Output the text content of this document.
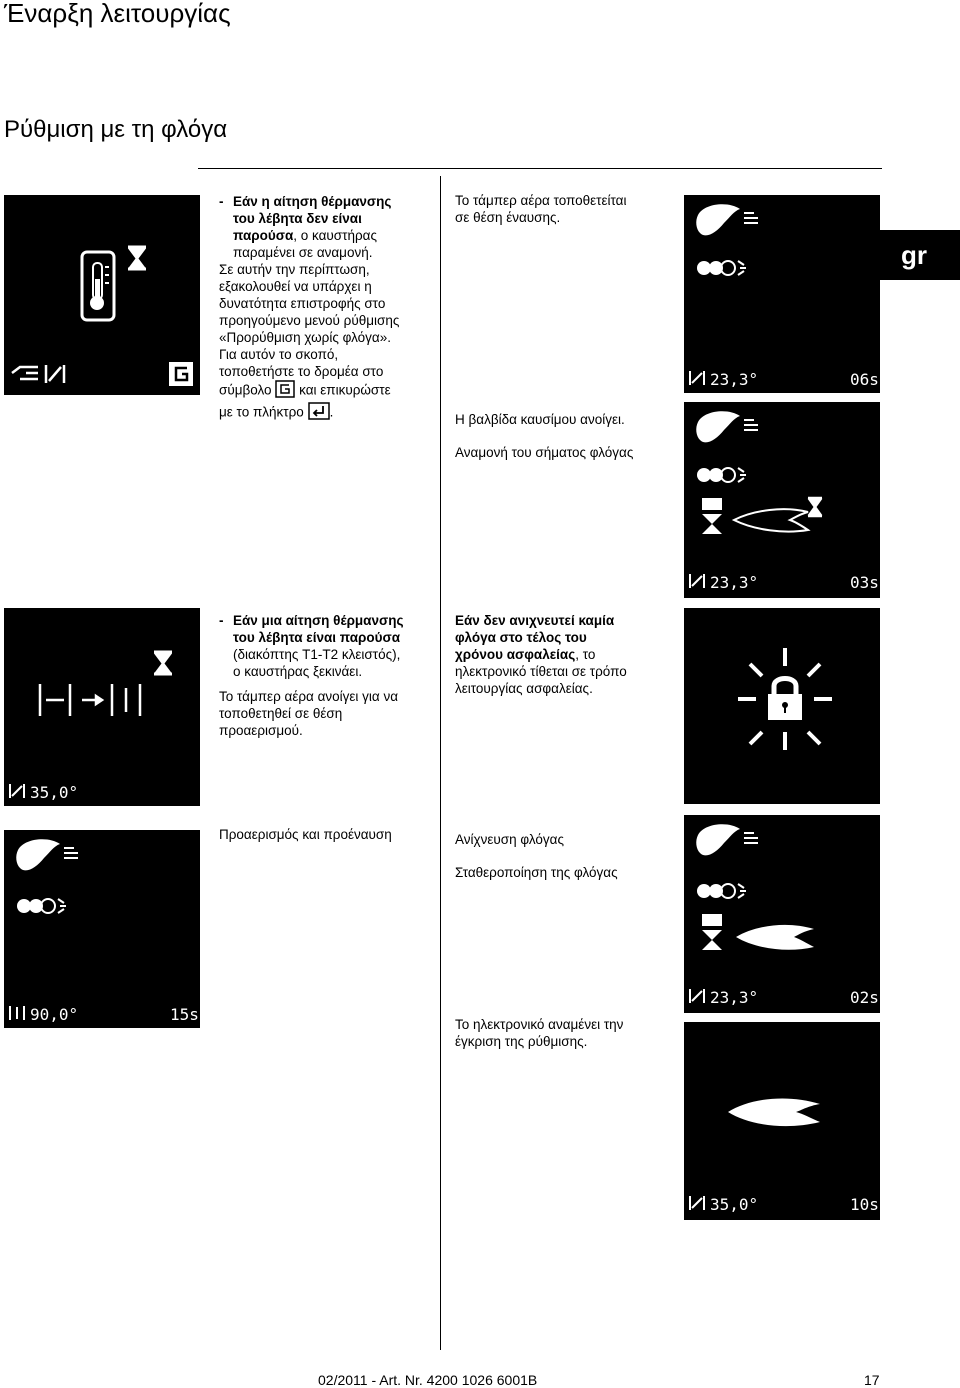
Έναρξη λειτουργίας
Ρύθμιση με τη φλόγα
gr
- Εάν η αίτηση θέρμανσης
του λέβητα δεν είναι
παρούσα, ο καυστήρας
παραμένει σε αναμονή.
Σε αυτήν την περίπτωση,
εξακολουθεί να υπάρχει η
δυνατότητα επιστροφής στο
προηγούμενο μενού ρύθμισης
«Προρύθμιση χωρίς φλόγα».
Για αυτόν το σκοπό,
τοποθετήστε το δρομέα στο
σύμβολο και επικυρώστε
με το πλήκτρο .
Το τάμπερ αέρα τοποθετείται
σε θέση έναυσης.
Η βαλβίδα καυσίμου ανοίγει.
Αναμονή του σήματος φλόγας
23,3°	06s
23,3°	03s
35,0°
- Εάν μια αίτηση θέρμανσης
του λέβητα είναι παρούσα
(διακόπτης T1-T2 κλειστός),
ο καυστήρας ξεκινάει.
Το τάμπερ αέρα ανοίγει για να
τοποθετηθεί σε θέση
προαερισμού.
Εάν δεν ανιχνευτεί καμία
φλόγα στο τέλος του
χρόνου ασφαλείας, το
ηλεκτρονικό τίθεται σε τρόπο
λειτουργίας ασφαλείας.
Προαερισμός και προέναυση
90,0°	15s
Ανίχνευση φλόγας
Σταθεροποίηση της φλόγας
Το ηλεκτρονικό αναμένει την
έγκριση της ρύθμισης.
23,3°	02s
35,0°	10s
02/2011 - Art. Nr. 4200 1026 6001B	17
